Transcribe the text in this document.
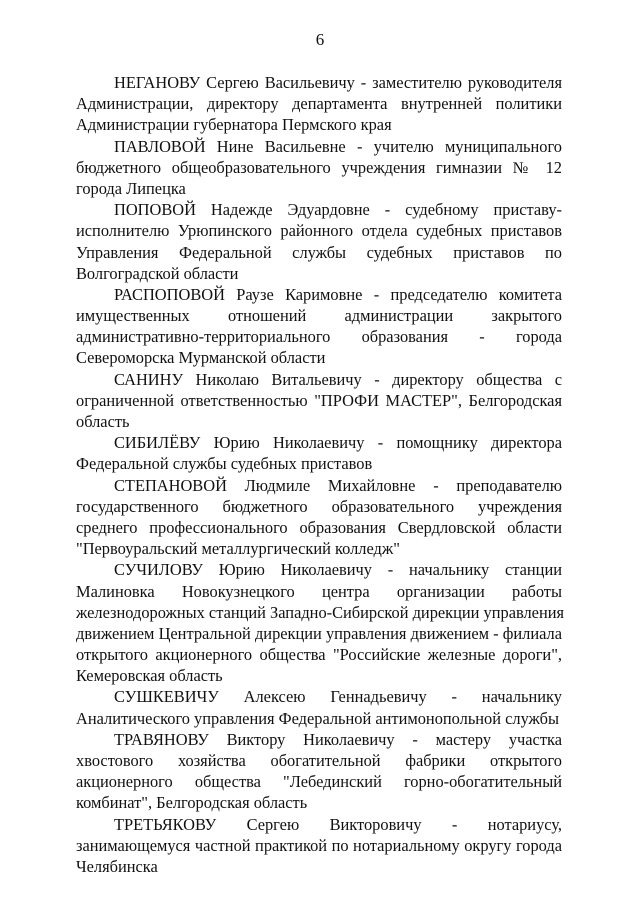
6
НЕГАНОВУ Сергею Васильевичу - заместителю руководителя
Администрации, директору департамента внутренней политики
Администрации губернатора Пермского края
ПАВЛОВОЙ Нине Васильевне - учителю муниципального
бюджетного общеобразовательного учреждения гимназии № 12
города Липецка
ПОПОВОЙ Надежде Эдуардовне - судебному приставу-
исполнителю Урюпинского районного отдела судебных приставов
Управления Федеральной службы судебных приставов по
Волгоградской области
РАСПОПОВОЙ Раузе Каримовне - председателю комитета
имущественных отношений администрации закрытого
административно-территориального образования - города
Североморска Мурманской области
САНИНУ Николаю Витальевичу - директору общества с
ограниченной ответственностью "ПРОФИ МАСТЕР", Белгородская
область
СИБИЛЁВУ Юрию Николаевичу - помощнику директора
Федеральной службы судебных приставов
СТЕПАНОВОЙ Людмиле Михайловне - преподавателю
государственного бюджетного образовательного учреждения
среднего профессионального образования Свердловской области
"Первоуральский металлургический колледж"
СУЧИЛОВУ Юрию Николаевичу - начальнику станции
Малиновка Новокузнецкого центра организации работы
железнодорожных станций Западно-Сибирской дирекции управления
движением Центральной дирекции управления движением - филиала
открытого акционерного общества "Российские железные дороги",
Кемеровская область
СУШКЕВИЧУ Алексею Геннадьевичу - начальнику
Аналитического управления Федеральной антимонопольной службы
ТРАВЯНОВУ Виктору Николаевичу - мастеру участка
хвостового хозяйства обогатительной фабрики открытого
акционерного общества "Лебединский горно-обогатительный
комбинат", Белгородская область
ТРЕТЬЯКОВУ Сергею Викторовичу - нотариусу,
занимающемуся частной практикой по нотариальному округу города
Челябинска
